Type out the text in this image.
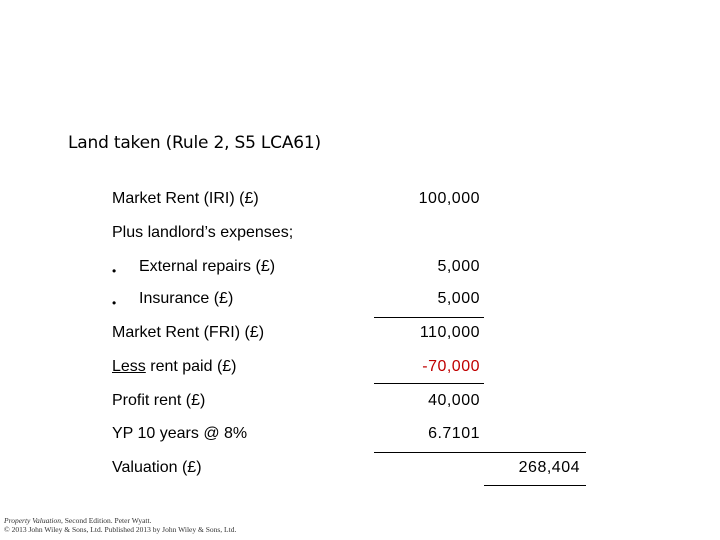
Land taken (Rule 2, S5 LCA61)
Market Rent (IRI) (£)	100,000
Plus landlord’s expenses;
• External repairs (£)	5,000
• Insurance (£)	5,000
Market Rent (FRI) (£)	110,000
Less rent paid (£)	-70,000
Profit rent (£)	40,000
YP 10 years @ 8%	6.7101
Valuation (£)	268,404
Property Valuation, Second Edition. Peter Wyatt.
© 2013 John Wiley & Sons, Ltd. Published 2013 by John Wiley & Sons, Ltd.
